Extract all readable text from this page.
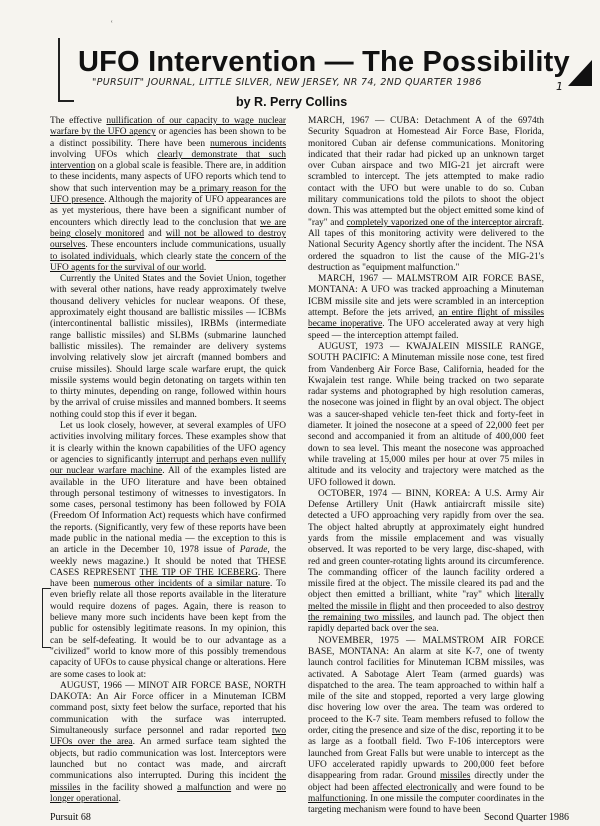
ʿ
UFO Intervention — The Possibility
"PURSUIT" JOURNAL, LITTLE SILVER, NEW JERSEY, NR 74, 2ND QUARTER 1986	1
by R. Perry Collins

The effective nullification of our capacity to wage nuclear warfare by the UFO agency or agencies has been shown to be a distinct possibility. There have been numerous incidents involving UFOs which clearly demonstrate that such intervention on a global scale is feasible. There are, in addition to these incidents, many aspects of UFO reports which tend to show that such intervention may be a primary reason for the UFO presence. Although the majority of UFO appearances are as yet mysterious, there have been a significant number of encounters which directly lead to the conclusion that we are being closely monitored and will not be allowed to destroy ourselves. These encounters include communications, usually to isolated individuals, which clearly state the concern of the UFO agents for the survival of our world.

Currently the United States and the Soviet Union, together with several other nations, have ready approximately twelve thousand delivery vehicles for nuclear weapons. Of these, approximately eight thousand are ballistic missiles — ICBMs (intercontinental ballistic missiles), IRBMs (intermediate range ballistic missiles) and SLBMs (submarine launched ballistic missiles). The remainder are delivery systems involving relatively slow jet aircraft (manned bombers and cruise missiles). Should large scale warfare erupt, the quick missile systems would begin detonating on targets within ten to thirty minutes, depending on range, followed within hours by the arrival of cruise missiles and manned bombers. It seems nothing could stop this if ever it began.

Let us look closely, however, at several examples of UFO activities involving military forces. These examples show that it is clearly within the known capabilities of the UFO agency or agencies to significantly interrupt and perhaps even nullify our nuclear warfare machine. All of the examples listed are available in the UFO literature and have been obtained through personal testimony of witnesses to investigators. In some cases, personal testimony has been followed by FOIA (Freedom Of Information Act) requests which have confirmed the reports. (Significantly, very few of these reports have been made public in the national media — the exception to this is an article in the December 10, 1978 issue of Parade, the weekly news magazine.) It should be noted that THESE CASES REPRESENT THE TIP OF THE ICEBERG. There have been numerous other incidents of a similar nature. To even briefly relate all those reports available in the literature would require dozens of pages. Again, there is reason to believe many more such incidents have been kept from the public for ostensibly legitimate reasons. In my opinion, this can be self-defeating. It would be to our advantage as a "civilized" world to know more of this possibly tremendous capacity of UFOs to cause physical change or alterations. Here are some cases to look at:

AUGUST, 1966 — MINOT AIR FORCE BASE, NORTH DAKOTA: An Air Force officer in a Minuteman ICBM command post, sixty feet below the surface, reported that his communication with the surface was interrupted. Simultaneously surface personnel and radar reported two UFOs over the area. An armed surface team sighted the objects, but radio communication was lost. Interceptors were launched but no contact was made, and aircraft communications also interrupted. During this incident the missiles in the facility showed a malfunction and were no longer operational.

MARCH, 1967 — CUBA: Detachment A of the 6974th Security Squadron at Homestead Air Force Base, Florida, monitored Cuban air defense communications. Monitoring indicated that their radar had picked up an unknown target over Cuban airspace and two MIG-21 jet aircraft were scrambled to intercept. The jets attempted to make radio contact with the UFO but were unable to do so. Cuban military communications told the pilots to shoot the object down. This was attempted but the object emitted some kind of "ray" and completely vaporized one of the interceptor aircraft. All tapes of this monitoring activity were delivered to the National Security Agency shortly after the incident. The NSA ordered the squadron to list the cause of the MIG-21's destruction as "equipment malfunction."

MARCH, 1967 — MALMSTROM AIR FORCE BASE, MONTANA: A UFO was tracked approaching a Minuteman ICBM missile site and jets were scrambled in an interception attempt. Before the jets arrived, an entire flight of missiles became inoperative. The UFO accelerated away at very high speed — the interception attempt failed.

AUGUST, 1973 — KWAJALEIN MISSILE RANGE, SOUTH PACIFIC: A Minuteman missile nose cone, test fired from Vandenberg Air Force Base, California, headed for the Kwajalein test range. While being tracked on two separate radar systems and photographed by high resolution cameras, the nosecone was joined in flight by an oval object. The object was a saucer-shaped vehicle ten-feet thick and forty-feet in diameter. It joined the nosecone at a speed of 22,000 feet per second and accompanied it from an altitude of 400,000 feet down to sea level. This meant the nosecone was approached while traveling at 15,000 miles per hour at over 75 miles in altitude and its velocity and trajectory were matched as the UFO followed it down.

OCTOBER, 1974 — BINN, KOREA: A U.S. Army Air Defense Artillery Unit (Hawk antiaircraft missile site) detected a UFO approaching very rapidly from over the sea. The object halted abruptly at approximately eight hundred yards from the missile emplacement and was visually observed. It was reported to be very large, disc-shaped, with red and green counter-rotating lights around its circumference. The commanding officer of the launch facility ordered a missile fired at the object. The missile cleared its pad and the object then emitted a brilliant, white "ray" which literally melted the missile in flight and then proceeded to also destroy the remaining two missiles, and launch pad. The object then rapidly departed back over the sea.

NOVEMBER, 1975 — MALMSTROM AIR FORCE BASE, MONTANA: An alarm at site K-7, one of twenty launch control facilities for Minuteman ICBM missiles, was activated. A Sabotage Alert Team (armed guards) was dispatched to the area. The team approached to within half a mile of the site and stopped, reported a very large glowing disc hovering low over the area. The team was ordered to proceed to the K-7 site. Team members refused to follow the order, citing the presence and size of the disc, reporting it to be as large as a football field. Two F-106 interceptors were launched from Great Falls but were unable to intercept as the UFO accelerated rapidly upwards to 200,000 feet before disappearing from radar. Ground missiles directly under the object had been affected electronically and were found to be malfunctioning. In one missile the computer coordinates in the targeting mechanism were found to have been

Pursuit 68	Second Quarter 1986
